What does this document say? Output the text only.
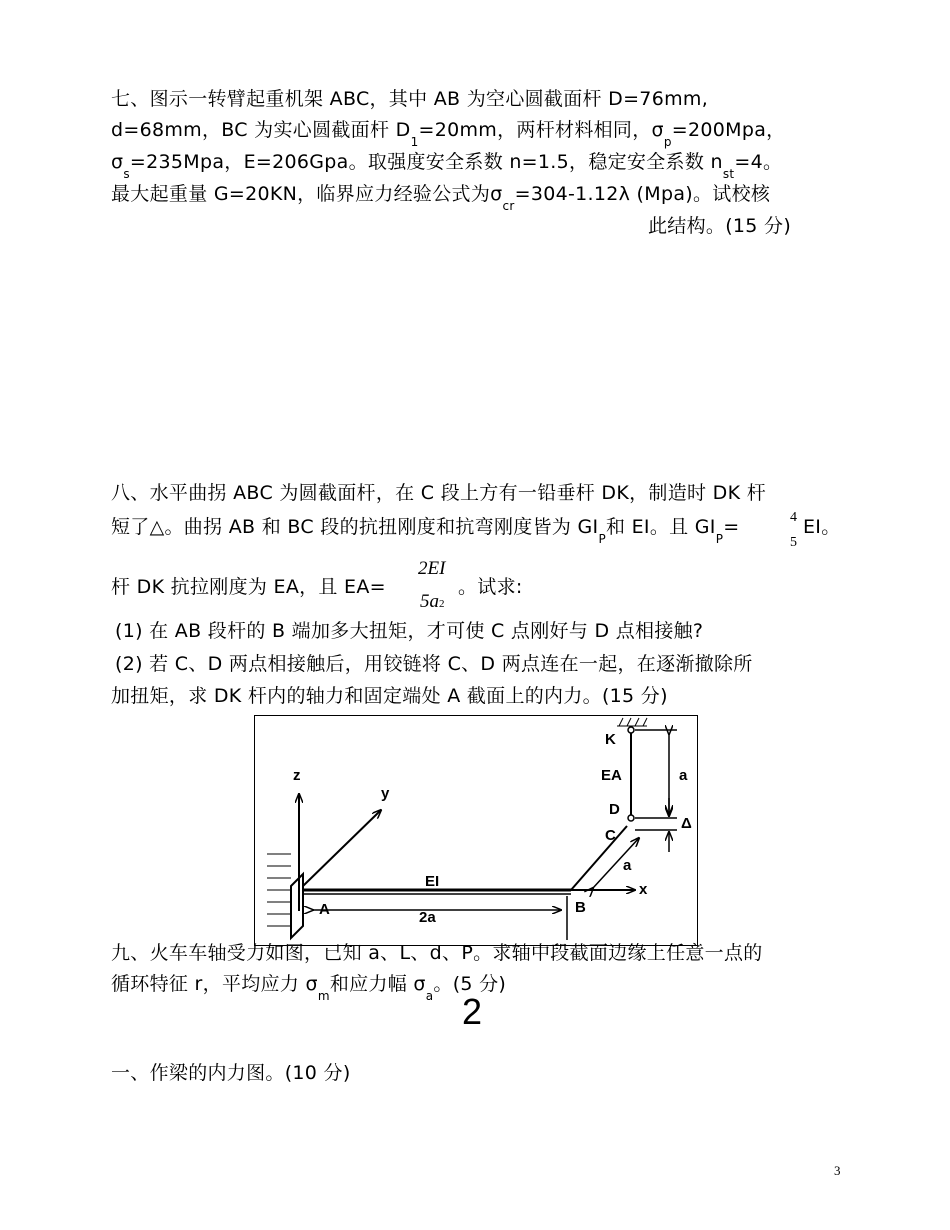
七、图示一转臂起重机架 ABC，其中 AB 为空心圆截面杆 D=76mm,
d=68mm，BC 为实心圆截面杆 $D_1=20mm$，两杆材料相同，$\sigma_p=200Mpa$，
$\sigma_s=235Mpa$，E=206Gpa。取强度安全系数 n=1.5，稳定安全系数 $n_{st}=4$。
最大起重量 G=20KN，临界应力经验公式为$\sigma_{cr}=304-1.12\lambda$ (Mpa)。试校核
此结构。(15 分)
八、水平曲拐 ABC 为圆截面杆，在 C 段上方有一铅垂杆 DK，制造时 DK 杆
短了△。曲拐 AB 和 BC 段的抗扭刚度和抗弯刚度皆为 $GI_P$和 EI。且 $GI_P=$	4
5
EI。
杆 DK 抗拉刚度为 EA，且 EA=
2EI
5a2
。试求:
(1) 在 AB 段杆的 B 端加多大扭矩，才可使 C 点刚好与 D 点相接触?
(2) 若 C、D 两点相接触后，用铰链将 C、D 两点连在一起，在逐渐撤除所
加扭矩，求 DK 杆内的轴力和固定端处 A 截面上的内力。(15 分)
z
y
x
A	B
C
D
K
EA
EI
2a
a
a
Δ
九、火车车轴受力如图，已知 a、L、d、P。求轴中段截面边缘上任意一点的
循环特征 r，平均应力 $\sigma_m$和应力幅 $\sigma_a$。(5 分)
2
一、作梁的内力图。(10 分)
3
